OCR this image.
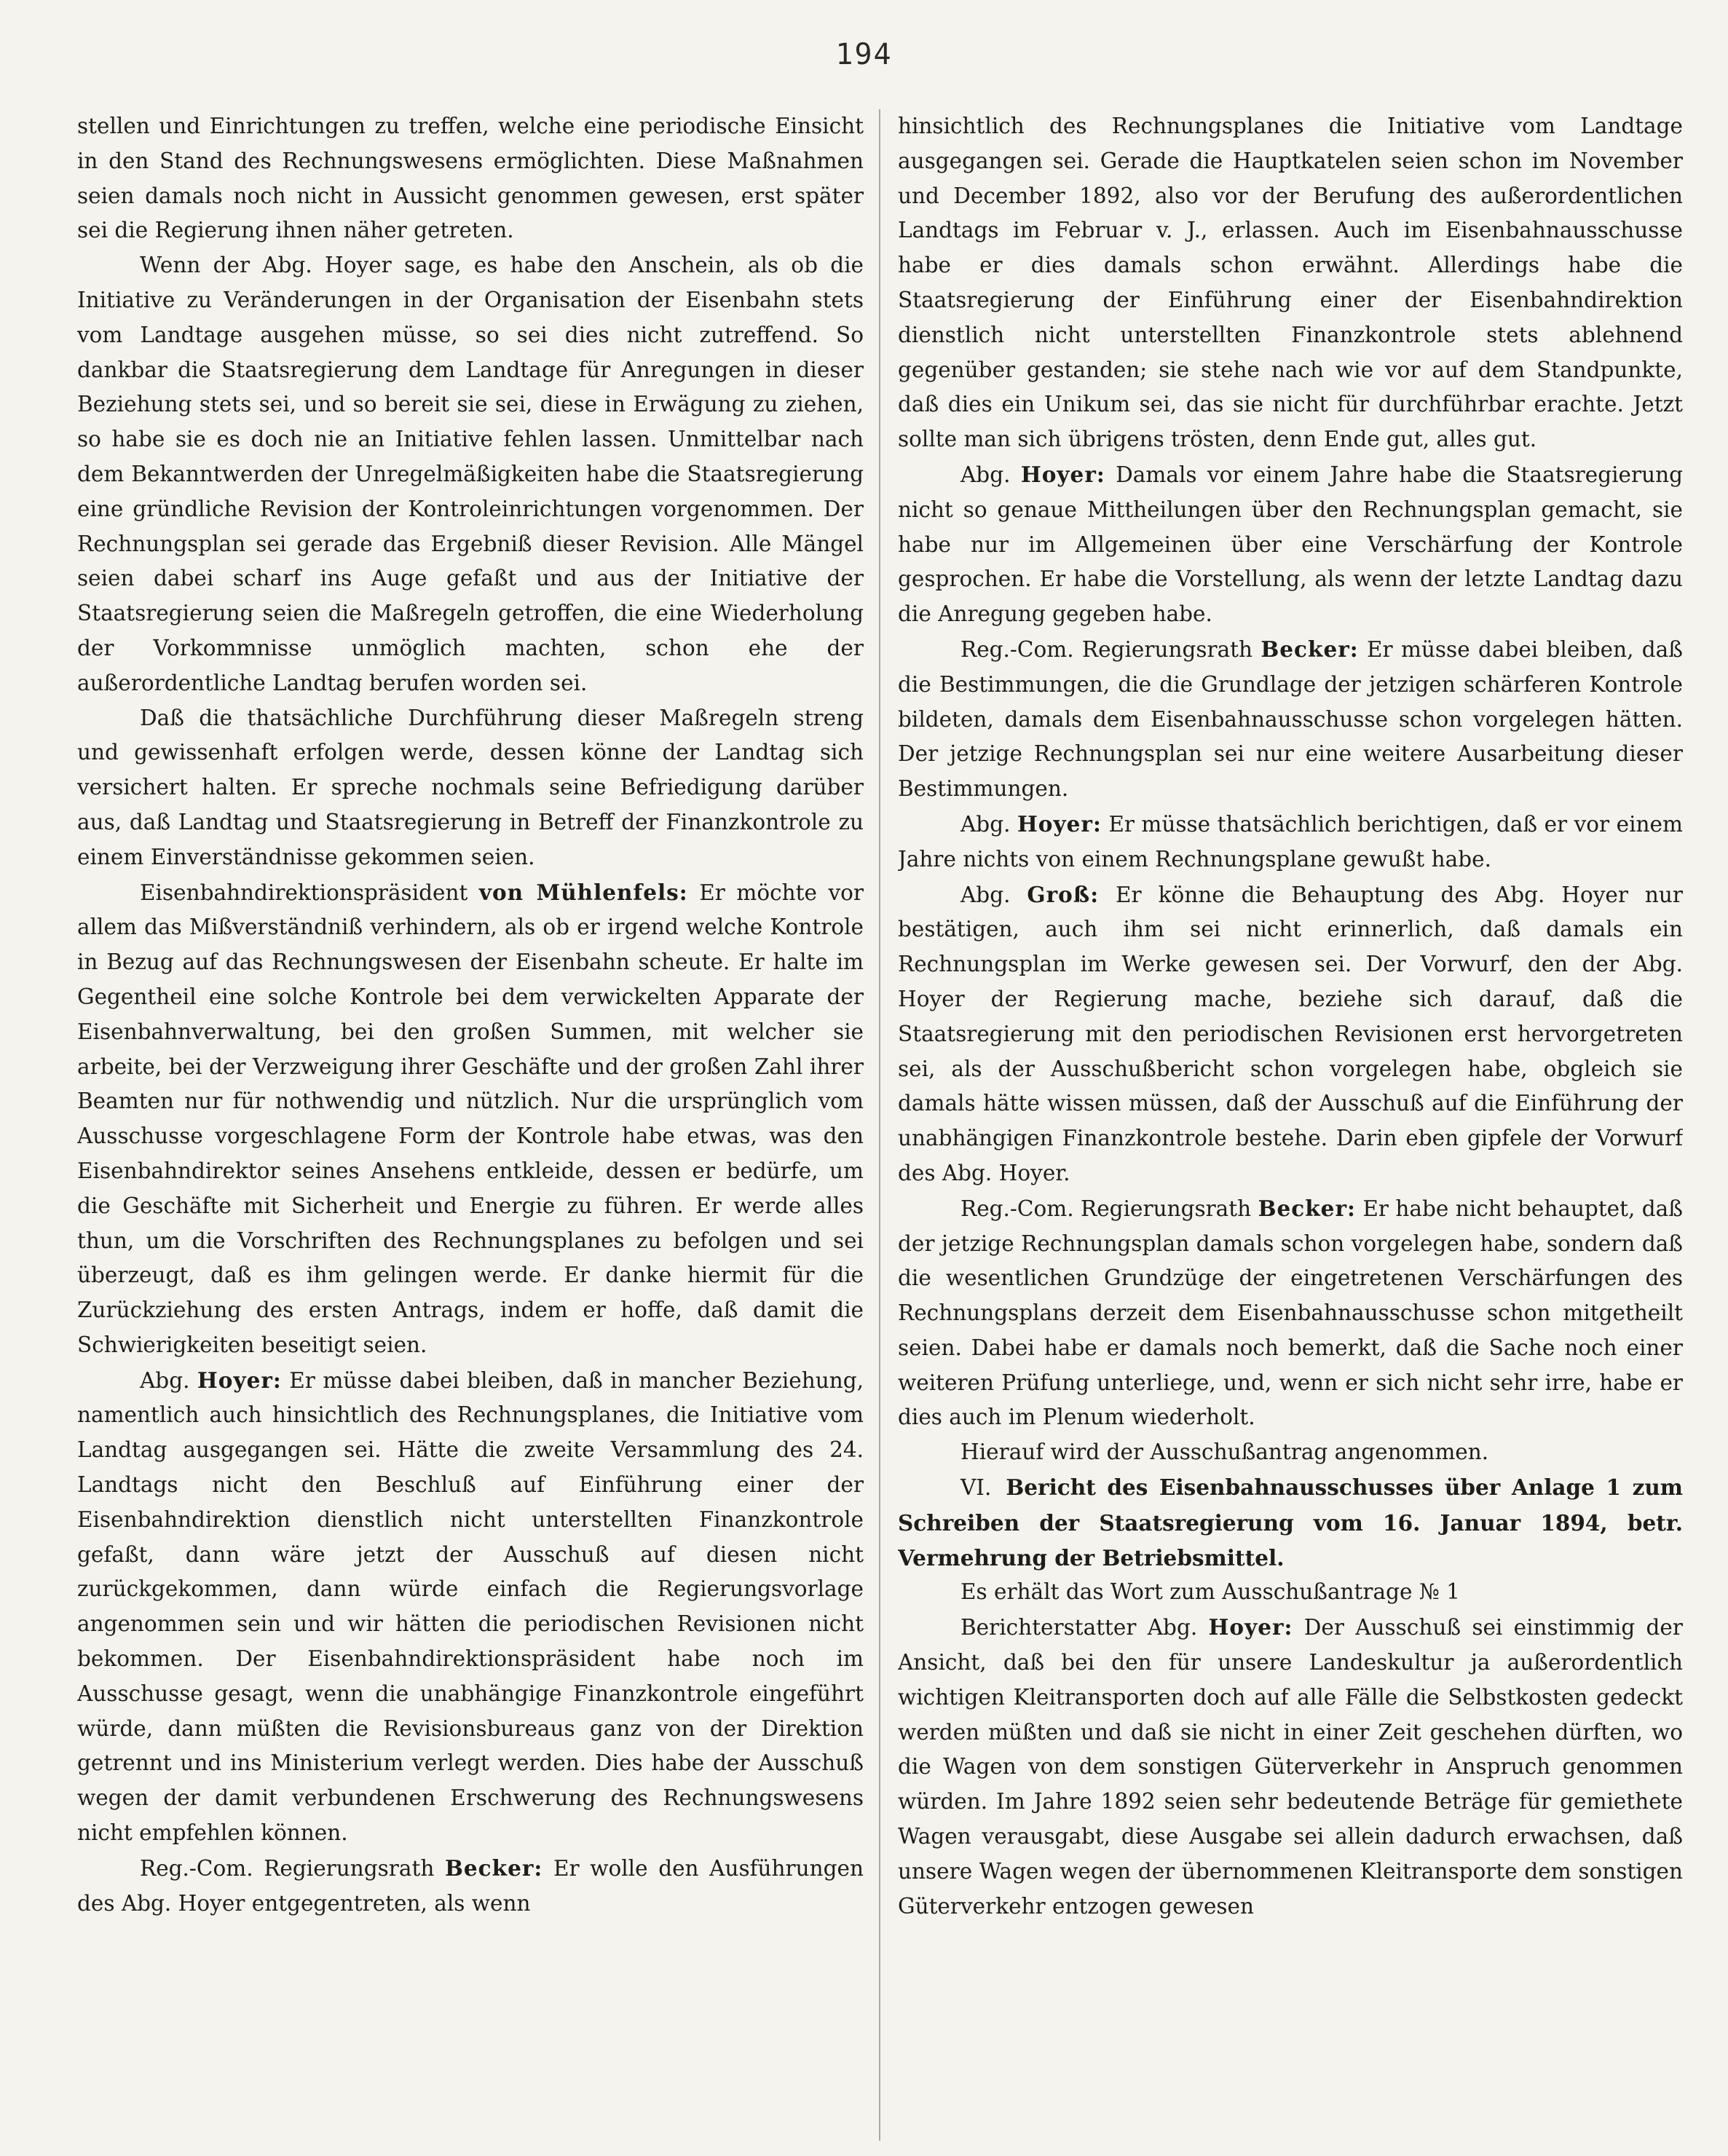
194

stellen und Einrichtungen zu treffen, welche eine periodische Einsicht in den Stand des Rechnungswesens ermöglichten. Diese Maßnahmen seien damals noch nicht in Aussicht genommen gewesen, erst später sei die Regierung ihnen näher getreten.

Wenn der Abg. Hoyer sage, es habe den Anschein, als ob die Initiative zu Veränderungen in der Organisation der Eisenbahn stets vom Landtage ausgehen müsse, so sei dies nicht zutreffend. So dankbar die Staatsregierung dem Landtage für Anregungen in dieser Beziehung stets sei, und so bereit sie sei, diese in Erwägung zu ziehen, so habe sie es doch nie an Initiative fehlen lassen. Unmittelbar nach dem Bekanntwerden der Unregelmäßigkeiten habe die Staatsregierung eine gründliche Revision der Kontroleinrichtungen vorgenommen. Der Rechnungsplan sei gerade das Ergebniß dieser Revision. Alle Mängel seien dabei scharf ins Auge gefaßt und aus der Initiative der Staatsregierung seien die Maßregeln getroffen, die eine Wiederholung der Vorkommnisse unmöglich machten, schon ehe der außerordentliche Landtag berufen worden sei.

Daß die thatsächliche Durchführung dieser Maßregeln streng und gewissenhaft erfolgen werde, dessen könne der Landtag sich versichert halten. Er spreche nochmals seine Befriedigung darüber aus, daß Landtag und Staatsregierung in Betreff der Finanzkontrole zu einem Einverständnisse gekommen seien.

Eisenbahndirektionspräsident von Mühlenfels: Er möchte vor allem das Mißverständniß verhindern, als ob er irgend welche Kontrole in Bezug auf das Rechnungswesen der Eisenbahn scheute. Er halte im Gegentheil eine solche Kontrole bei dem verwickelten Apparate der Eisenbahnverwaltung, bei den großen Summen, mit welcher sie arbeite, bei der Verzweigung ihrer Geschäfte und der großen Zahl ihrer Beamten nur für nothwendig und nützlich. Nur die ursprünglich vom Ausschusse vorgeschlagene Form der Kontrole habe etwas, was den Eisenbahndirektor seines Ansehens entkleide, dessen er bedürfe, um die Geschäfte mit Sicherheit und Energie zu führen. Er werde alles thun, um die Vorschriften des Rechnungsplanes zu befolgen und sei überzeugt, daß es ihm gelingen werde. Er danke hiermit für die Zurückziehung des ersten Antrags, indem er hoffe, daß damit die Schwierigkeiten beseitigt seien.

Abg. Hoyer: Er müsse dabei bleiben, daß in mancher Beziehung, namentlich auch hinsichtlich des Rechnungsplanes, die Initiative vom Landtag ausgegangen sei. Hätte die zweite Versammlung des 24. Landtags nicht den Beschluß auf Einführung einer der Eisenbahndirektion dienstlich nicht unterstellten Finanzkontrole gefaßt, dann wäre jetzt der Ausschuß auf diesen nicht zurückgekommen, dann würde einfach die Regierungsvorlage angenommen sein und wir hätten die periodischen Revisionen nicht bekommen. Der Eisenbahndirektionspräsident habe noch im Ausschusse gesagt, wenn die unabhängige Finanzkontrole eingeführt würde, dann müßten die Revisionsbureaus ganz von der Direktion getrennt und ins Ministerium verlegt werden. Dies habe der Ausschuß wegen der damit verbundenen Erschwerung des Rechnungswesens nicht empfehlen können.

Reg.-Com. Regierungsrath Becker: Er wolle den Ausführungen des Abg. Hoyer entgegentreten, als wenn

hinsichtlich des Rechnungsplanes die Initiative vom Landtage ausgegangen sei. Gerade die Hauptkatelen seien schon im November und December 1892, also vor der Berufung des außerordentlichen Landtags im Februar v. J., erlassen. Auch im Eisenbahnausschusse habe er dies damals schon erwähnt. Allerdings habe die Staatsregierung der Einführung einer der Eisenbahndirektion dienstlich nicht unterstellten Finanzkontrole stets ablehnend gegenüber gestanden; sie stehe nach wie vor auf dem Standpunkte, daß dies ein Unikum sei, das sie nicht für durchführbar erachte. Jetzt sollte man sich übrigens trösten, denn Ende gut, alles gut.

Abg. Hoyer: Damals vor einem Jahre habe die Staatsregierung nicht so genaue Mittheilungen über den Rechnungsplan gemacht, sie habe nur im Allgemeinen über eine Verschärfung der Kontrole gesprochen. Er habe die Vorstellung, als wenn der letzte Landtag dazu die Anregung gegeben habe.

Reg.-Com. Regierungsrath Becker: Er müsse dabei bleiben, daß die Bestimmungen, die die Grundlage der jetzigen schärferen Kontrole bildeten, damals dem Eisenbahnausschusse schon vorgelegen hätten. Der jetzige Rechnungsplan sei nur eine weitere Ausarbeitung dieser Bestimmungen.

Abg. Hoyer: Er müsse thatsächlich berichtigen, daß er vor einem Jahre nichts von einem Rechnungsplane gewußt habe.

Abg. Groß: Er könne die Behauptung des Abg. Hoyer nur bestätigen, auch ihm sei nicht erinnerlich, daß damals ein Rechnungsplan im Werke gewesen sei. Der Vorwurf, den der Abg. Hoyer der Regierung mache, beziehe sich darauf, daß die Staatsregierung mit den periodischen Revisionen erst hervorgetreten sei, als der Ausschußbericht schon vorgelegen habe, obgleich sie damals hätte wissen müssen, daß der Ausschuß auf die Einführung der unabhängigen Finanzkontrole bestehe. Darin eben gipfele der Vorwurf des Abg. Hoyer.

Reg.-Com. Regierungsrath Becker: Er habe nicht behauptet, daß der jetzige Rechnungsplan damals schon vorgelegen habe, sondern daß die wesentlichen Grundzüge der eingetretenen Verschärfungen des Rechnungsplans derzeit dem Eisenbahnausschusse schon mitgetheilt seien. Dabei habe er damals noch bemerkt, daß die Sache noch einer weiteren Prüfung unterliege, und, wenn er sich nicht sehr irre, habe er dies auch im Plenum wiederholt.

Hierauf wird der Ausschußantrag angenommen.

VI. Bericht des Eisenbahnausschusses über Anlage 1 zum Schreiben der Staatsregierung vom 16. Januar 1894, betr. Vermehrung der Betriebsmittel.

Es erhält das Wort zum Ausschußantrage № 1

Berichterstatter Abg. Hoyer: Der Ausschuß sei einstimmig der Ansicht, daß bei den für unsere Landeskultur ja außerordentlich wichtigen Kleitransporten doch auf alle Fälle die Selbstkosten gedeckt werden müßten und daß sie nicht in einer Zeit geschehen dürften, wo die Wagen von dem sonstigen Güterverkehr in Anspruch genommen würden. Im Jahre 1892 seien sehr bedeutende Beträge für gemiethete Wagen verausgabt, diese Ausgabe sei allein dadurch erwachsen, daß unsere Wagen wegen der übernommenen Kleitransporte dem sonstigen Güterverkehr entzogen gewesen
